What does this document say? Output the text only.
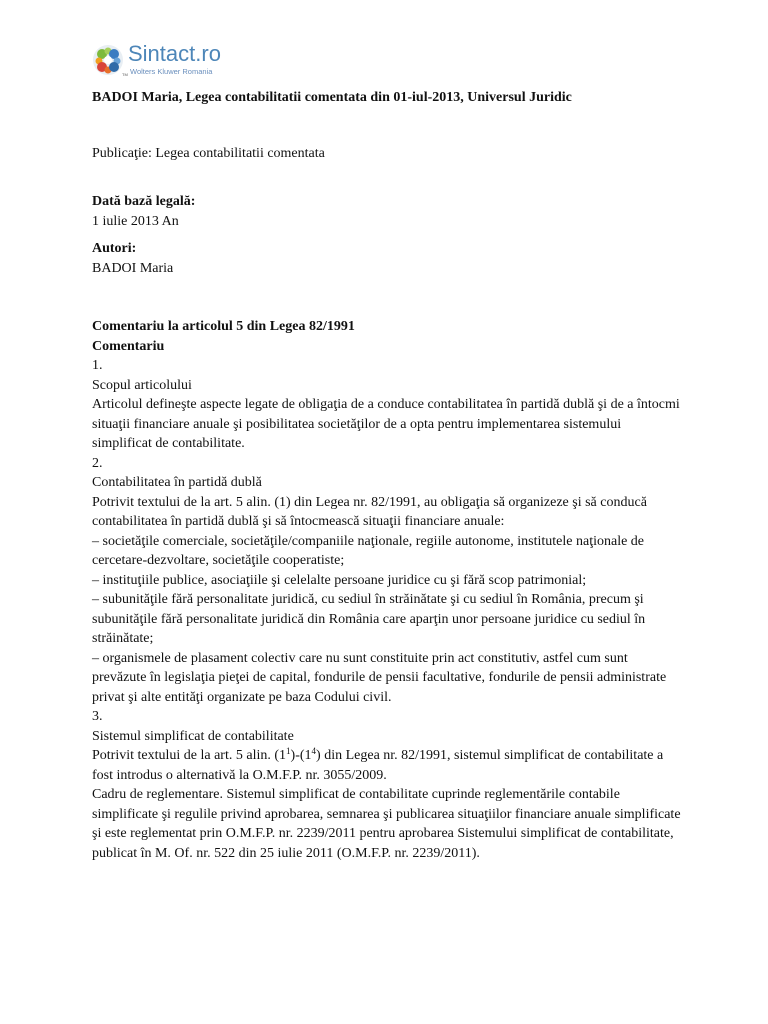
TM
Sintact.ro
Wolters Kluwer Romania

BADOI Maria, Legea contabilitatii comentata din 01-iul-2013, Universul Juridic

Publicaţie: Legea contabilitatii comentata

Dată bază legală:

1 iulie 2013 An

Autori:

BADOI Maria

Comentariu la articolul 5 din Legea 82/1991

Comentariu

1.

Scopul articolului

Articolul defineşte aspecte legate de obligaţia de a conduce contabilitatea în partidă dublă şi de a întocmi situaţii financiare anuale şi posibilitatea societăţilor de a opta pentru implementarea sistemului simplificat de contabilitate.

2.

Contabilitatea în partidă dublă

Potrivit textului de la art. 5 alin. (1) din Legea nr. 82/1991, au obligaţia să organizeze şi să conducă contabilitatea în partidă dublă şi să întocmească situaţii financiare anuale:

– societăţile comerciale, societăţile/companiile naţionale, regiile autonome, institutele naţionale de cercetare-dezvoltare, societăţile cooperatiste;

– instituţiile publice, asociaţiile şi celelalte persoane juridice cu şi fără scop patrimonial;

– subunităţile fără personalitate juridică, cu sediul în străinătate şi cu sediul în România, precum şi subunităţile fără personalitate juridică din România care aparţin unor persoane juridice cu sediul în străinătate;

– organismele de plasament colectiv care nu sunt constituite prin act constitutiv, astfel cum sunt prevăzute în legislaţia pieţei de capital, fondurile de pensii facultative, fondurile de pensii administrate privat şi alte entităţi organizate pe baza Codului civil.

3.

Sistemul simplificat de contabilitate

Potrivit textului de la art. 5 alin. $(1^1)-(1^4)$ din Legea nr. 82/1991, sistemul simplificat de contabilitate a fost introdus o alternativă la O.M.F.P. nr. 3055/2009.

Cadru de reglementare. Sistemul simplificat de contabilitate cuprinde reglementările contabile simplificate şi regulile privind aprobarea, semnarea şi publicarea situaţiilor financiare anuale simplificate şi este reglementat prin O.M.F.P. nr. 2239/2011 pentru aprobarea Sistemului simplificat de contabilitate, publicat în M. Of. nr. 522 din 25 iulie 2011 (O.M.F.P. nr. 2239/2011).
